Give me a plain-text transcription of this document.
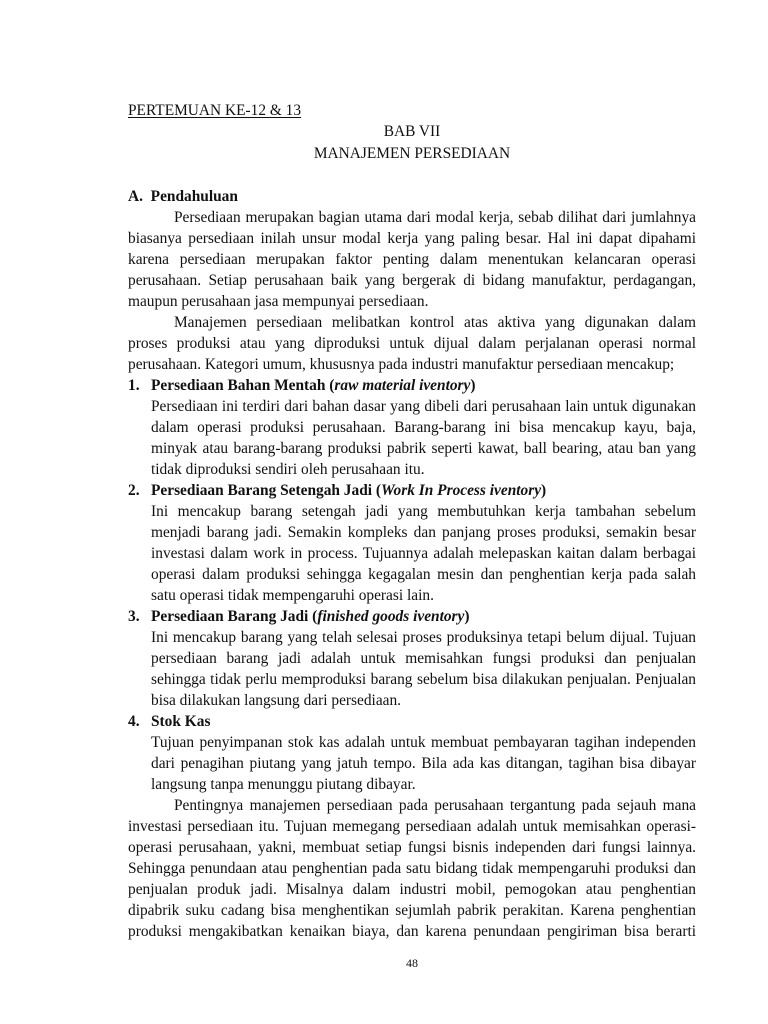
PERTEMUAN KE-12 & 13
BAB VII
MANAJEMEN PERSEDIAAN
A. Pendahuluan
Persediaan merupakan bagian utama dari modal kerja, sebab dilihat dari jumlahnya
biasanya persediaan inilah unsur modal kerja yang paling besar. Hal ini dapat dipahami
karena persediaan merupakan faktor penting dalam menentukan kelancaran operasi
perusahaan. Setiap perusahaan baik yang bergerak di bidang manufaktur, perdagangan,
maupun perusahaan jasa mempunyai persediaan.
Manajemen persediaan melibatkan kontrol atas aktiva yang digunakan dalam
proses produksi atau yang diproduksi untuk dijual dalam perjalanan operasi normal
perusahaan. Kategori umum, khususnya pada industri manufaktur persediaan mencakup;
1. Persediaan Bahan Mentah (raw material iventory)
Persediaan ini terdiri dari bahan dasar yang dibeli dari perusahaan lain untuk digunakan
dalam operasi produksi perusahaan. Barang-barang ini bisa mencakup kayu, baja,
minyak atau barang-barang produksi pabrik seperti kawat, ball bearing, atau ban yang
tidak diproduksi sendiri oleh perusahaan itu.
2. Persediaan Barang Setengah Jadi (Work In Process iventory)
Ini mencakup barang setengah jadi yang membutuhkan kerja tambahan sebelum
menjadi barang jadi. Semakin kompleks dan panjang proses produksi, semakin besar
investasi dalam work in process. Tujuannya adalah melepaskan kaitan dalam berbagai
operasi dalam produksi sehingga kegagalan mesin dan penghentian kerja pada salah
satu operasi tidak mempengaruhi operasi lain.
3. Persediaan Barang Jadi (finished goods iventory)
Ini mencakup barang yang telah selesai proses produksinya tetapi belum dijual. Tujuan
persediaan barang jadi adalah untuk memisahkan fungsi produksi dan penjualan
sehingga tidak perlu memproduksi barang sebelum bisa dilakukan penjualan. Penjualan
bisa dilakukan langsung dari persediaan.
4. Stok Kas
Tujuan penyimpanan stok kas adalah untuk membuat pembayaran tagihan independen
dari penagihan piutang yang jatuh tempo. Bila ada kas ditangan, tagihan bisa dibayar
langsung tanpa menunggu piutang dibayar.
Pentingnya manajemen persediaan pada perusahaan tergantung pada sejauh mana
investasi persediaan itu. Tujuan memegang persediaan adalah untuk memisahkan operasi-
operasi perusahaan, yakni, membuat setiap fungsi bisnis independen dari fungsi lainnya.
Sehingga penundaan atau penghentian pada satu bidang tidak mempengaruhi produksi dan
penjualan produk jadi. Misalnya dalam industri mobil, pemogokan atau penghentian
dipabrik suku cadang bisa menghentikan sejumlah pabrik perakitan. Karena penghentian
produksi mengakibatkan kenaikan biaya, dan karena penundaan pengiriman bisa berarti
48
